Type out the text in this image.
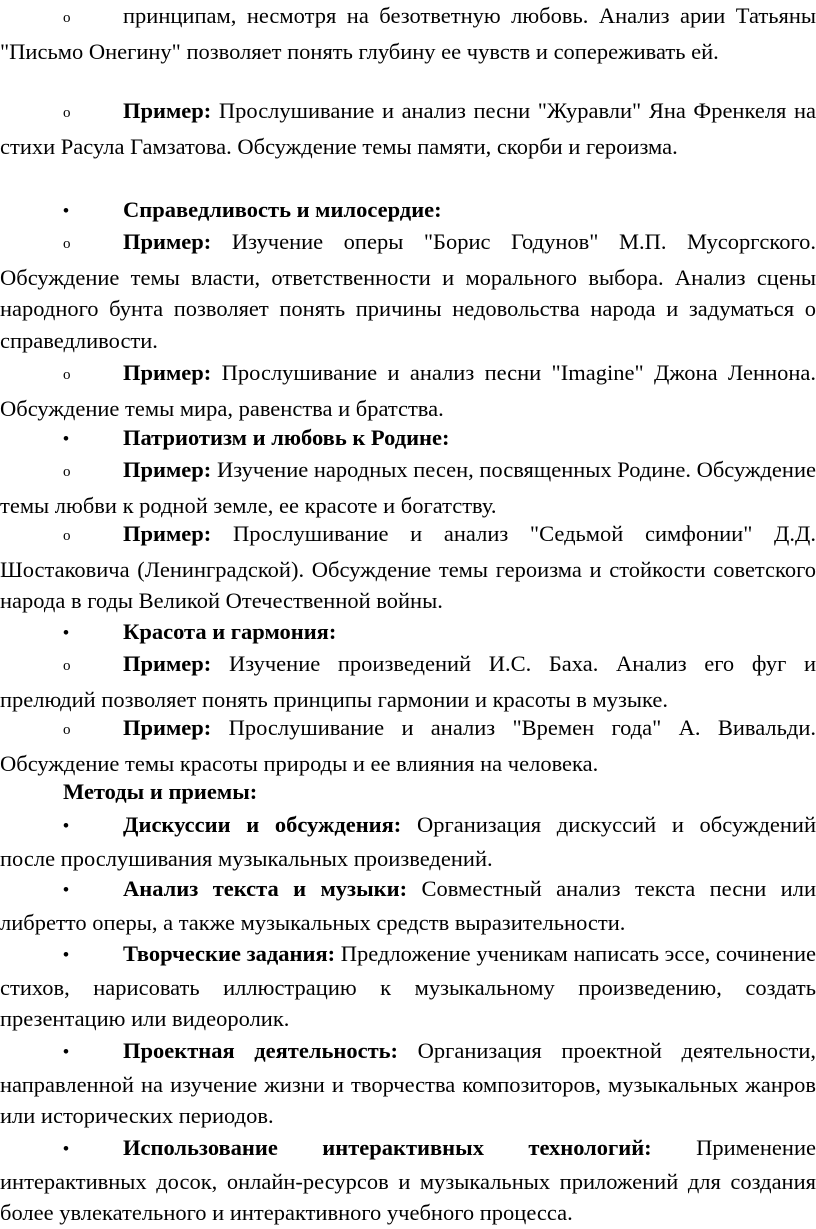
o принципам, несмотря на безответную любовь. Анализ арии Татьяны "Письмо Онегину" позволяет понять глубину ее чувств и сопереживать ей.
o Пример: Прослушивание и анализ песни "Журавли" Яна Френкеля на стихи Расула Гамзатова. Обсуждение темы памяти, скорби и героизма.
• Справедливость и милосердие:
o Пример: Изучение оперы "Борис Годунов" М.П. Мусоргского. Обсуждение темы власти, ответственности и морального выбора. Анализ сцены народного бунта позволяет понять причины недовольства народа и задуматься о справедливости.
o Пример: Прослушивание и анализ песни "Imagine" Джона Леннона. Обсуждение темы мира, равенства и братства.
• Патриотизм и любовь к Родине:
o Пример: Изучение народных песен, посвященных Родине. Обсуждение темы любви к родной земле, ее красоте и богатству.
o Пример: Прослушивание и анализ "Седьмой симфонии" Д.Д. Шостаковича (Ленинградской). Обсуждение темы героизма и стойкости советского народа в годы Великой Отечественной войны.
• Красота и гармония:
o Пример: Изучение произведений И.С. Баха. Анализ его фуг и прелюдий позволяет понять принципы гармонии и красоты в музыке.
o Пример: Прослушивание и анализ "Времен года" А. Вивальди. Обсуждение темы красоты природы и ее влияния на человека.
Методы и приемы:
• Дискуссии и обсуждения: Организация дискуссий и обсуждений после прослушивания музыкальных произведений.
• Анализ текста и музыки: Совместный анализ текста песни или либретто оперы, а также музыкальных средств выразительности.
• Творческие задания: Предложение ученикам написать эссе, сочинение стихов, нарисовать иллюстрацию к музыкальному произведению, создать презентацию или видеоролик.
• Проектная деятельность: Организация проектной деятельности, направленной на изучение жизни и творчества композиторов, музыкальных жанров или исторических периодов.
• Использование интерактивных технологий: Применение интерактивных досок, онлайн-ресурсов и музыкальных приложений для создания более увлекательного и интерактивного учебного процесса.
